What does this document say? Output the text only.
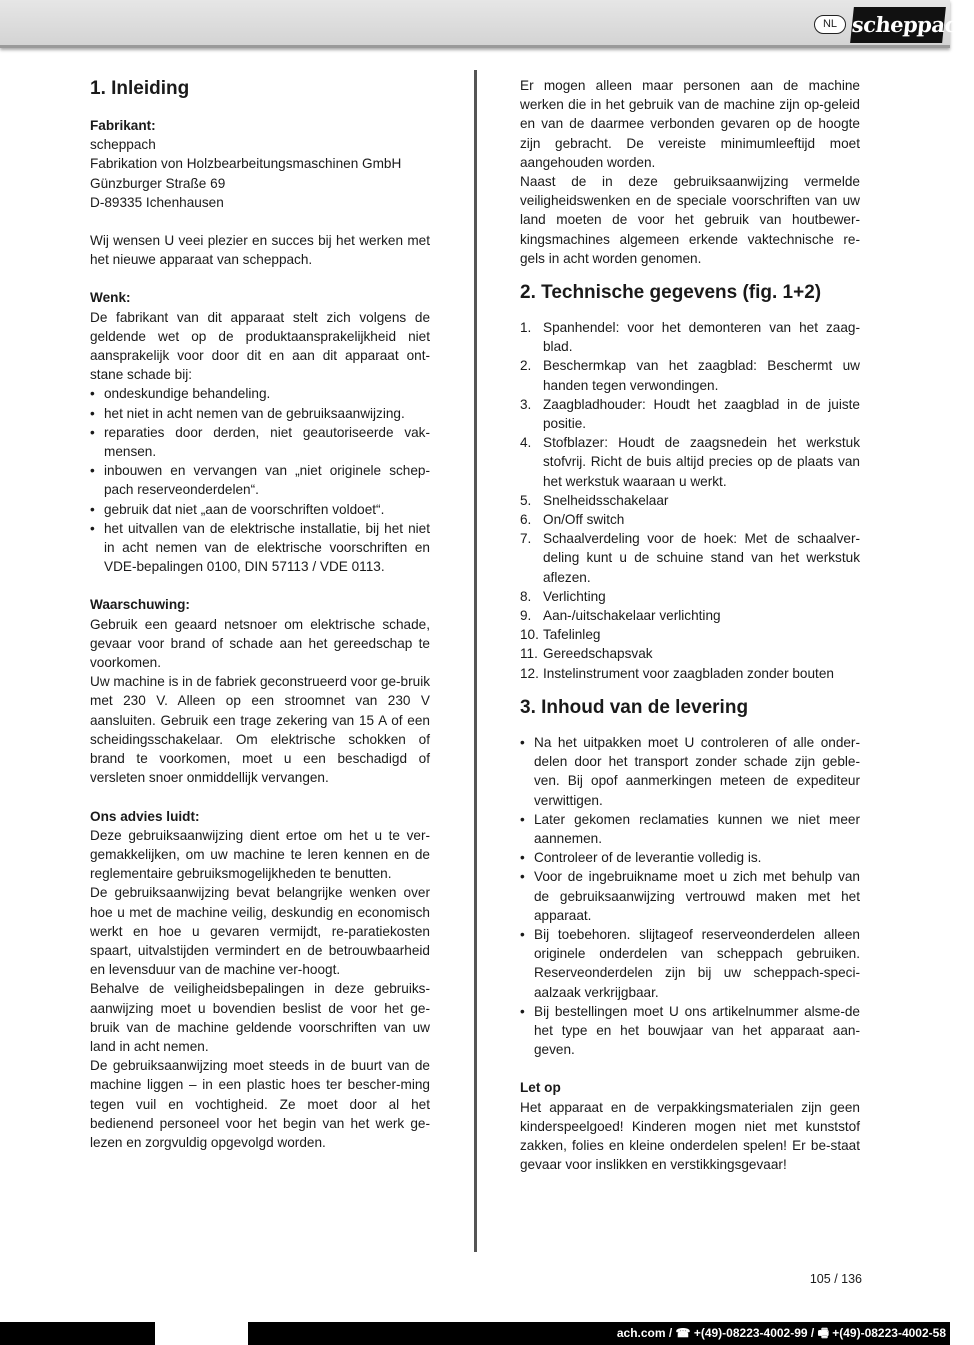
NL scheppach
1. Inleiding
Fabrikant:
scheppach
Fabrikation von Holzbearbeitungsmaschinen GmbH
Günzburger Straße 69
D-89335 Ichenhausen

Wij wensen U veei plezier en succes bij het werken met het nieuwe apparaat van scheppach.

Wenk:

De fabrikant van dit apparaat stelt zich volgens de geldende wet op de produktaansprakelijkheid niet aansprakelijk voor door dit en aan dit apparaat ont-stane schade bij:

• ondeskundige behandeling.
• het niet in acht nemen van de gebruiksaanwijzing.
• reparaties door derden, niet geautoriseerde vak-mensen.
• inbouwen en vervangen van „niet originele schep-pach reserveonderdelen“.
• gebruik dat niet „aan de voorschriften voldoet“.
• het uitvallen van de elektrische installatie, bij het niet in acht nemen van de elektrische voorschriften en VDE-bepalingen 0100, DIN 57113 / VDE 0113.
Waarschuwing:

Gebruik een geaard netsnoer om elektrische schade, gevaar voor brand of schade aan het gereedschap te voorkomen.

Uw machine is in de fabriek geconstrueerd voor ge-bruik met 230 V. Alleen op een stroomnet van 230 V aansluiten. Gebruik een trage zekering van 15 A of een scheidingsschakelaar. Om elektrische schokken of brand te voorkomen, moet u een beschadigd of versleten snoer onmiddellijk vervangen.

Ons advies luidt:

Deze gebruiksaanwijzing dient ertoe om het u te ver-gemakkelijken, om uw machine te leren kennen en de reglementaire gebruiksmogelijkheden te benutten.

De gebruiksaanwijzing bevat belangrijke wenken over hoe u met de machine veilig, deskundig en economisch werkt en hoe u gevaren vermijdt, re-paratiekosten spaart, uitvalstijden vermindert en de betrouwbaarheid en levensduur van de machine ver-hoogt.

Behalve de veiligheidsbepalingen in deze gebruiks-aanwijzing moet u bovendien beslist de voor het ge-bruik van de machine geldende voorschriften van uw land in acht nemen.

De gebruiksaanwijzing moet steeds in de buurt van de machine liggen – in een plastic hoes ter bescher-ming tegen vuil en vochtigheid. Ze moet door al het bedienend personeel voor het begin van het werk ge-lezen en zorgvuldig opgevolgd worden.

Er mogen alleen maar personen aan de machine werken die in het gebruik van de machine zijn op-geleid en van de daarmee verbonden gevaren op de hoogte zijn gebracht. De vereiste minimumleeftijd moet aangehouden worden.

Naast de in deze gebruiksaanwijzing vermelde veiligheidswenken en de speciale voorschriften van uw land moeten de voor het gebruik van houtbewer-kingsmachines algemeen erkende vaktechnische re-gels in acht worden genomen.

2. Technische gegevens (fig. 1+2)
1. Spanhendel: voor het demonteren van het zaag-blad.
2. Beschermkap van het zaagblad: Beschermt uw handen tegen verwondingen.
3. Zaagbladhouder: Houdt het zaagblad in de juiste positie.
4. Stofblazer: Houdt de zaagsnedein het werkstuk stofvrij. Richt de buis altijd precies op de plaats van het werkstuk waaraan u werkt.
5. Snelheidsschakelaar
6. On/Off switch
7. Schaalverdeling voor de hoek: Met de schaalver-deling kunt u de schuine stand van het werkstuk aflezen.
8. Verlichting
9. Aan-/uitschakelaar verlichting
10. Tafelinleg
11. Gereedschapsvak
12. Instelinstrument voor zaagbladen zonder bouten
3. Inhoud van de levering
• Na het uitpakken moet U controleren of alle onder-delen door het transport zonder schade zijn geble-ven. Bij opof aanmerkingen meteen de expediteur verwittigen.
• Later gekomen reclamaties kunnen we niet meer aannemen.
• Controleer of de leverantie volledig is.
• Voor de ingebruikname moet u zich met behulp van de gebruiksaanwijzing vertrouwd maken met het apparaat.
• Bij toebehoren. slijtageof reserveonderdelen alleen originele onderdelen van scheppach gebruiken. Reserveonderdelen zijn bij uw scheppach-speci-aalzaak verkrijgbaar.
• Bij bestellingen moet U ons artikelnummer alsme-de het type en het bouwjaar van het apparaat aan-geven.
Let op

Het apparaat en de verpakkingsmaterialen zijn geen kinderspeelgoed! Kinderen mogen niet met kunststof zakken, folies en kleine onderdelen spelen! Er be-staat gevaar voor inslikken en verstikkingsgevaar!

105 / 136
ach.com / ☎ +(49)-08223-4002-99 / 🖷 +(49)-08223-4002-58
